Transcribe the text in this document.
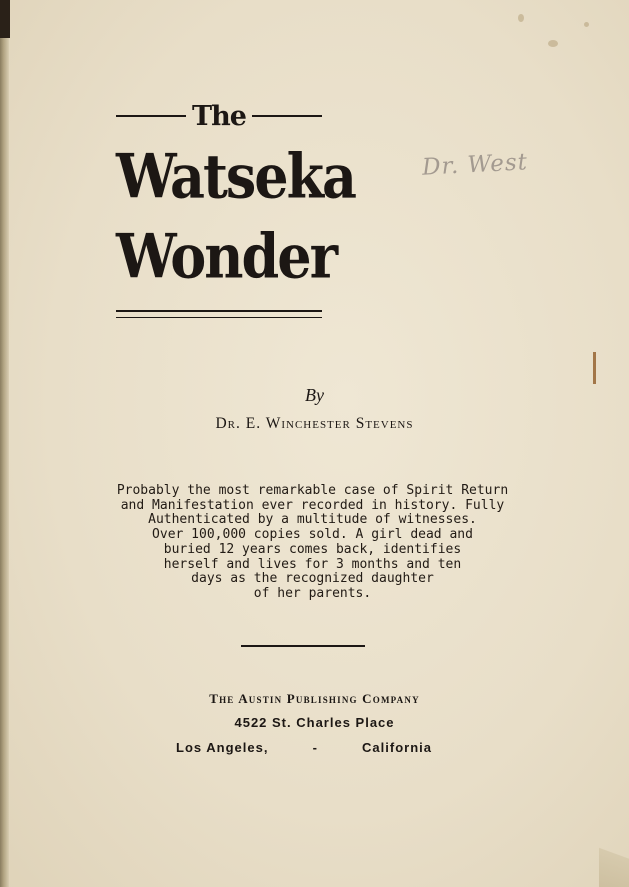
The
Watseka
Wonder
Dr. West
By
Dr. E. Winchester Stevens
Probably the most remarkable case of Spirit Return
and Manifestation ever recorded in history. Fully
Authenticated by a multitude of witnesses.
Over 100,000 copies sold. A girl dead and
buried 12 years comes back, identifies
herself and lives for 3 months and ten
days as the recognized daughter
of her parents.
The Austin Publishing Company
4522 St. Charles Place
Los Angeles,	-	California
